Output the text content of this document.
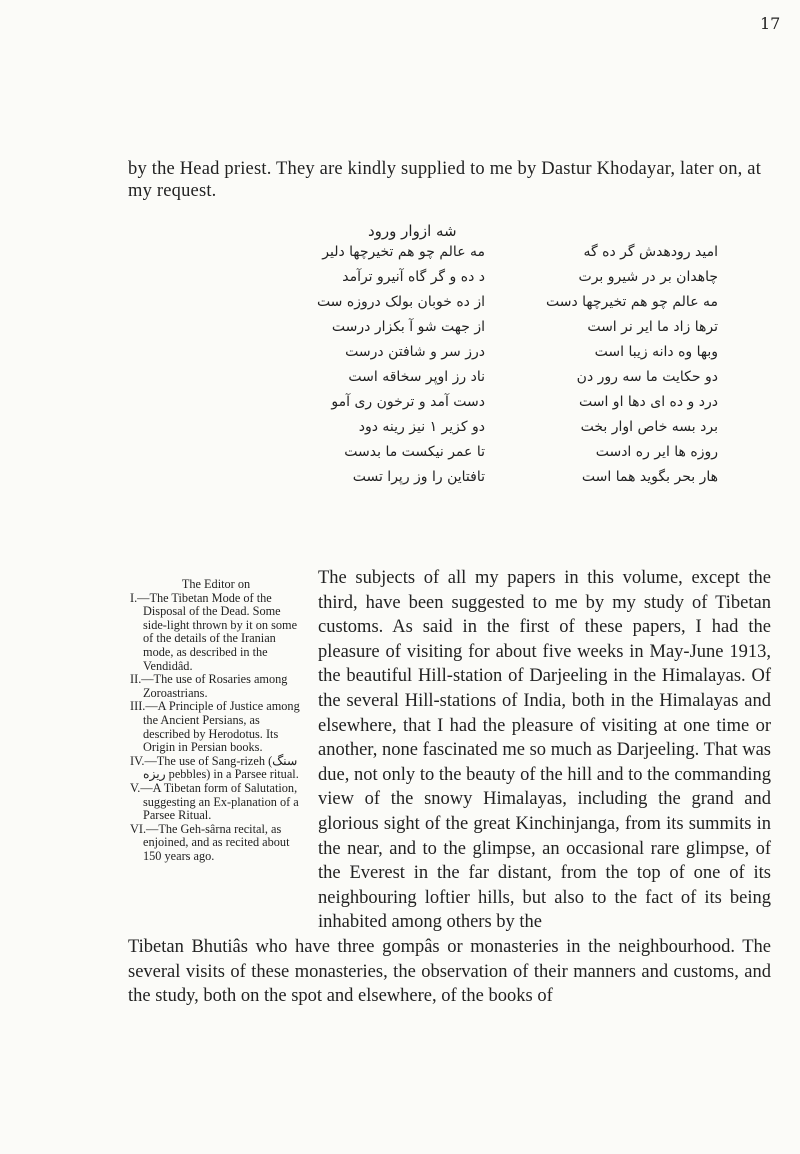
17
by the Head priest. They are kindly supplied to me by Dastur Khodayar, later on, at my request.
شه ازوار ورود
مه عالم چو هم تخیرچها دلیر
د ده و گر گاه آنیرو ترآمد
از ده خوبان بولک دروزه ست
از جهت شو آ بکزار درست
درز سر و شافتن درست
ناد رز اوپر سخاقه است
دست آمد و ترخون ری آمو
دو کزیر ۱ نیز رینه دود
تا عمر نیکست ما بدست
تافتاین را وز رپرا تست
امید رودهدش گر ده گه
چاهدان بر در شیرو برت
مه عالم چو هم تخیرچها دست
ترها زاد ما ایر نر است
وبها وه دانه زیبا است
دو حکایت ما سه رور دن
درد و ده ای دها او است
برد بسه خاص اوار بخت
روزه ها ایر ره ادست
هار بحر بگوید هما است

The Editor on

I.—The Tibetan Mode of the Disposal of the Dead. Some side-light thrown by it on some of the details of the Iranian mode, as described in the Vendidâd.

II.—The use of Rosaries among Zoroastrians.

III.—A Principle of Justice among the Ancient Persians, as described by Herodotus. Its Origin in Persian books.

IV.—The use of Sang-rizeh (سنگ ریزه pebbles) in a Parsee ritual.

V.—A Tibetan form of Salutation, suggesting an Ex-planation of a Parsee Ritual.

VI.—The Geh-sârna recital, as enjoined, and as recited about 150 years ago.

The subjects of all my papers in this volume, except the third, have been suggested to me by my study of Tibetan customs. As said in the first of these papers, I had the pleasure of visiting for about five weeks in May-June 1913, the beautiful Hill-station of Darjeeling in the Himalayas. Of the several Hill-stations of India, both in the Himalayas and elsewhere, that I had the pleasure of visiting at one time or another, none fascinated me so much as Darjeeling. That was due, not only to the beauty of the hill and to the commanding view of the snowy Himalayas, including the grand and glorious sight of the great Kinchinjanga, from its summits in the near, and to the glimpse, an occasional rare glimpse, of the Everest in the far distant, from the top of one of its neighbouring loftier hills, but also to the fact of its being inhabited among others by the

Tibetan Bhutiâs who have three gompâs or monasteries in the neighbourhood. The several visits of these monasteries, the observation of their manners and customs, and the study, both on the spot and elsewhere, of the books of
